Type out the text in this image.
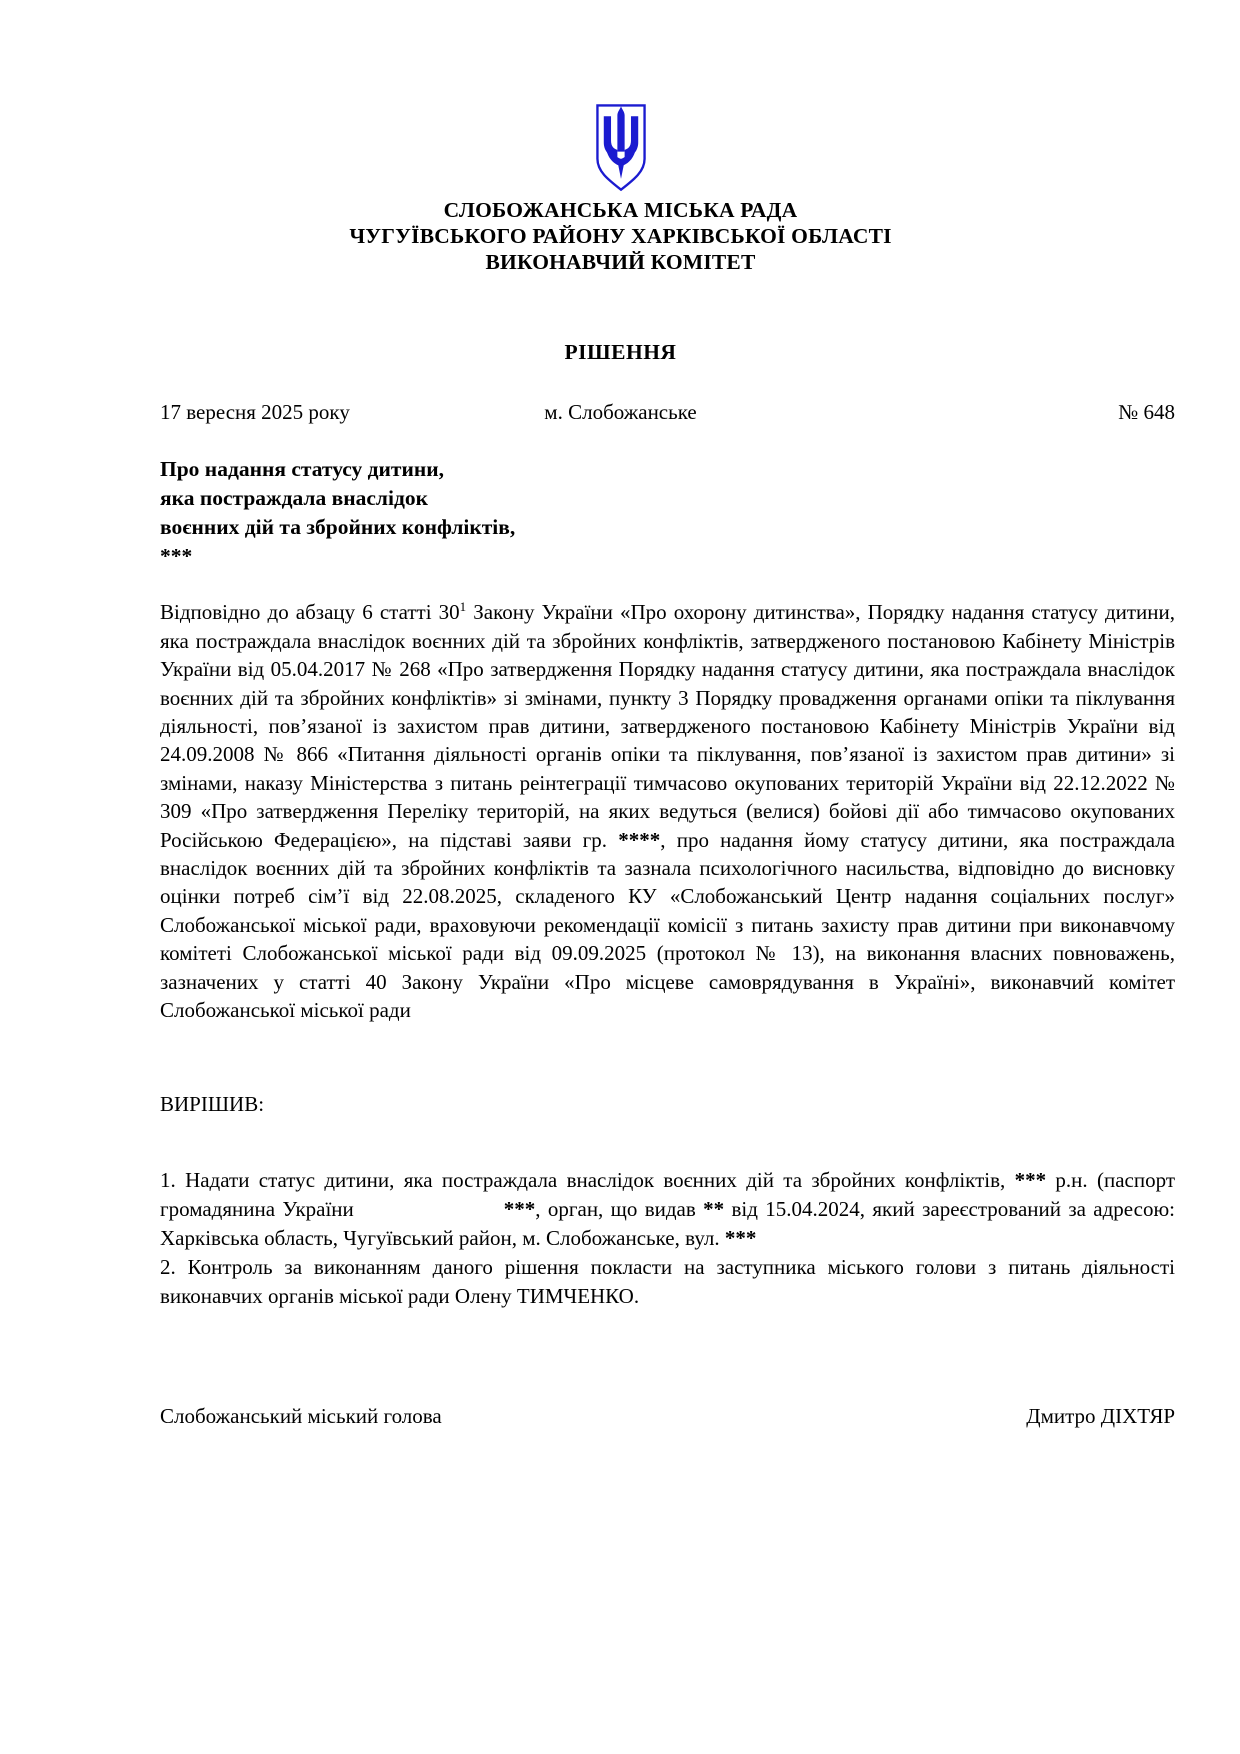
СЛОБОЖАНСЬКА МІСЬКА РАДА
ЧУГУЇВСЬКОГО РАЙОНУ ХАРКІВСЬКОЇ ОБЛАСТІ
ВИКОНАВЧИЙ КОМІТЕТ
РІШЕННЯ
17 вересня 2025 року	м. Слобожанське	№ 648
Про надання статусу дитини,
яка постраждала внаслідок
воєнних дій та збройних конфліктів,
***

Відповідно до абзацу 6 статті $30^1$ Закону України «Про охорону дитинства», Порядку надання статусу дитини, яка постраждала внаслідок воєнних дій та збройних конфліктів, затвердженого постановою Кабінету Міністрів України від 05.04.2017 № 268 «Про затвердження Порядку надання статусу дитини, яка постраждала внаслідок воєнних дій та збройних конфліктів» зі змінами, пункту 3 Порядку провадження органами опіки та піклування діяльності, пов’язаної із захистом прав дитини, затвердженого постановою Кабінету Міністрів України від 24.09.2008 № 866 «Питання діяльності органів опіки та піклування, пов’язаної із захистом прав дитини» зі змінами, наказу Міністерства з питань реінтеграції тимчасово окупованих територій України від 22.12.2022 № 309 «Про затвердження Переліку територій, на яких ведуться (велися) бойові дії або тимчасово окупованих Російською Федерацією», на підставі заяви гр. ****, про надання йому статусу дитини, яка постраждала внаслідок воєнних дій та збройних конфліктів та зазнала психологічного насильства, відповідно до висновку оцінки потреб сім’ї від 22.08.2025, складеного КУ «Слобожанський Центр надання соціальних послуг» Слобожанської міської ради, враховуючи рекомендації комісії з питань захисту прав дитини при виконавчому комітеті Слобожанської міської ради від 09.09.2025 (протокол № 13), на виконання власних повноважень, зазначених у статті 40 Закону України «Про місцеве самоврядування в Україні», виконавчий комітет Слобожанської міської ради

ВИРІШИВ:

1. Надати статус дитини, яка постраждала внаслідок воєнних дій та збройних конфліктів, *** р.н. (паспорт громадянина України	***, орган, що видав ** від 15.04.2024, який зареєстрований за адресою: Харківська область, Чугуївський район, м. Слобожанське, вул. ***

2. Контроль за виконанням даного рішення покласти на заступника міського голови з питань діяльності виконавчих органів міської ради Олену ТИМЧЕНКО.

Слобожанський міський голова	Дмитро ДІХТЯР
